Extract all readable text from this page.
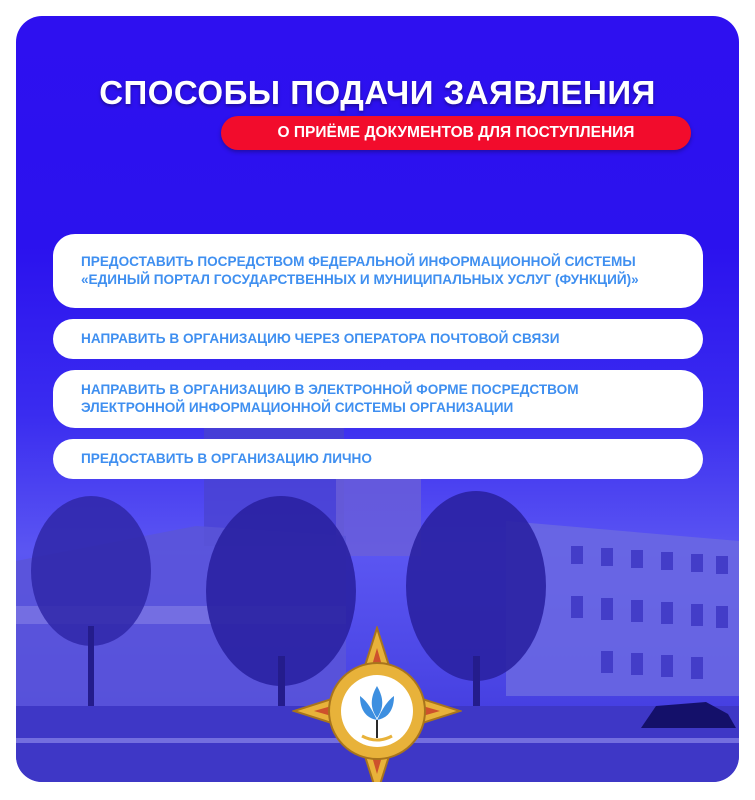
СПОСОБЫ ПОДАЧИ ЗАЯВЛЕНИЯ
О ПРИЁМЕ ДОКУМЕНТОВ ДЛЯ ПОСТУПЛЕНИЯ
ПРЕДОСТАВИТЬ ПОСРЕДСТВОМ ФЕДЕРАЛЬНОЙ ИНФОРМАЦИОННОЙ СИСТЕМЫ «ЕДИНЫЙ ПОРТАЛ ГОСУДАРСТВЕННЫХ И МУНИЦИПАЛЬНЫХ УСЛУГ (ФУНКЦИЙ)»
НАПРАВИТЬ В ОРГАНИЗАЦИЮ ЧЕРЕЗ ОПЕРАТОРА ПОЧТОВОЙ СВЯЗИ
НАПРАВИТЬ В ОРГАНИЗАЦИЮ В ЭЛЕКТРОННОЙ ФОРМЕ ПОСРЕДСТВОМ ЭЛЕКТРОННОЙ ИНФОРМАЦИОННОЙ СИСТЕМЫ ОРГАНИЗАЦИИ
ПРЕДОСТАВИТЬ В ОРГАНИЗАЦИЮ ЛИЧНО
